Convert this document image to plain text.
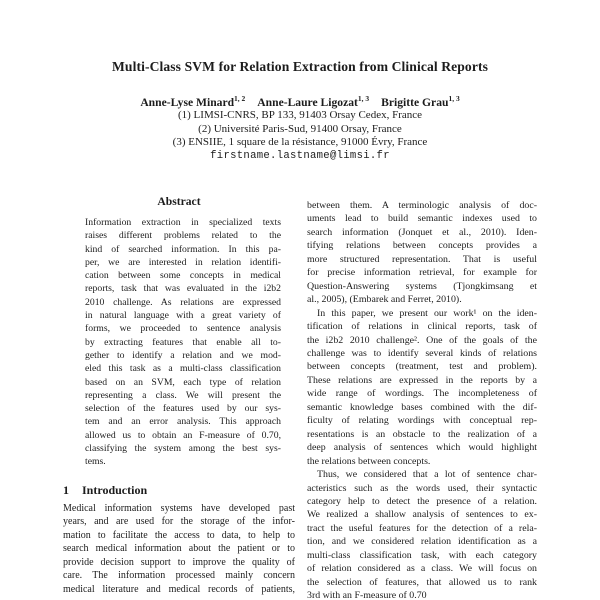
Multi-Class SVM for Relation Extraction from Clinical Reports
Anne-Lyse Minard$^{1, 2}$ Anne-Laure Ligozat$^{1, 3}$ Brigitte Grau$^{1, 3}$
(1) LIMSI-CNRS, BP 133, 91403 Orsay Cedex, France
(2) Université Paris-Sud, 91400 Orsay, France
(3) ENSIIE, 1 square de la résistance, 91000 Évry, France
firstname.lastname@limsi.fr
Abstract
Information extraction in specialized texts
raises different problems related to the
kind of searched information. In this pa-
per, we are interested in relation identifi-
cation between some concepts in medical
reports, task that was evaluated in the i2b2
2010 challenge. As relations are expressed
in natural language with a great variety of
forms, we proceeded to sentence analysis
by extracting features that enable all to-
gether to identify a relation and we mod-
eled this task as a multi-class classification
based on an SVM, each type of relation
representing a class. We will present the
selection of the features used by our sys-
tem and an error analysis. This approach
allowed us to obtain an F-measure of 0.70,
classifying the system among the best sys-
tems.
1 Introduction
Medical information systems have developed past
years, and are used for the storage of the infor-
mation to facilitate the access to data, to help to
search medical information about the patient or to
provide decision support to improve the quality of
care. The information processed mainly concern
medical literature and medical records of patients,
between them. A terminologic analysis of doc-
uments lead to build semantic indexes used to
search information (Jonquet et al., 2010). Iden-
tifying relations between concepts provides a
more structured representation. That is useful
for precise information retrieval, for example for
Question-Answering systems (Tjongkimsang et
al., 2005), (Embarek and Ferret, 2010).
In this paper, we present our work¹ on the iden-
tification of relations in clinical reports, task of
the i2b2 2010 challenge². One of the goals of the
challenge was to identify several kinds of relations
between concepts (treatment, test and problem).
These relations are expressed in the reports by a
wide range of wordings. The incompleteness of
semantic knowledge bases combined with the dif-
ficulty of relating wordings with conceptual rep-
resentations is an obstacle to the realization of a
deep analysis of sentences which would highlight
the relations between concepts.
Thus, we considered that a lot of sentence char-
acteristics such as the words used, their syntactic
category help to detect the presence of a relation.
We realized a shallow analysis of sentences to ex-
tract the useful features for the detection of a rela-
tion, and we considered relation identification as a
multi-class classification task, with each category
of relation considered as a class. We will focus on
the selection of features, that allowed us to rank
3rd with an F-measure of 0.70
